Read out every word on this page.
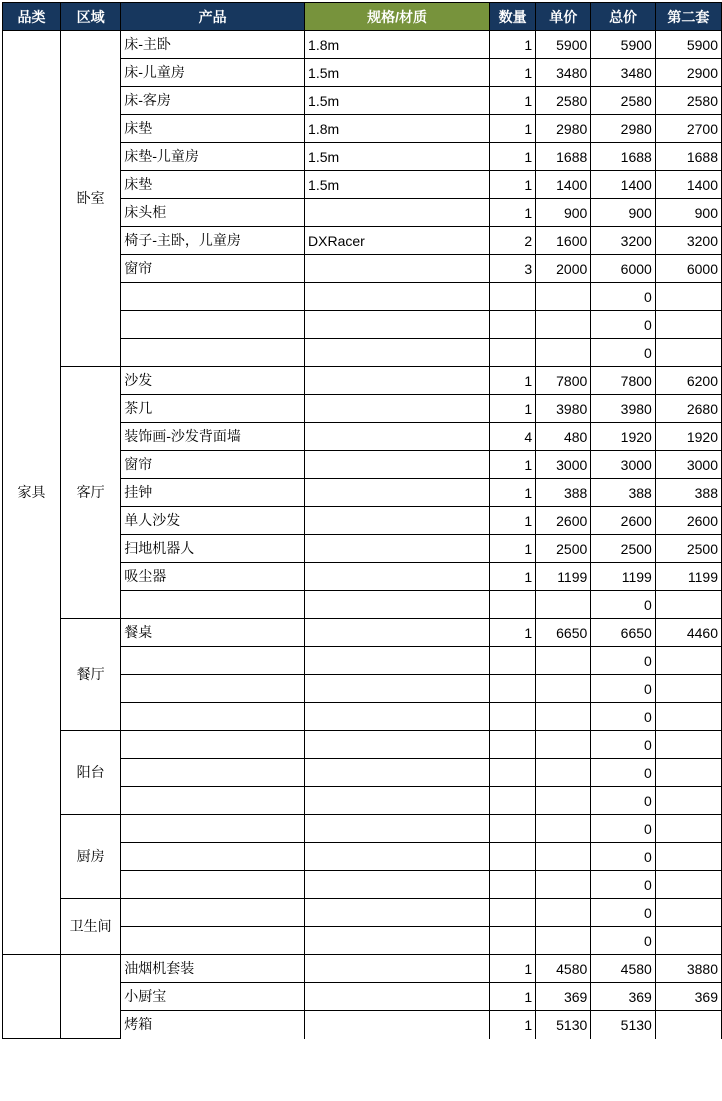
品类	区域	产品	规格/材质	数量	单价	总价	第二套
家具	卧室	床-主卧	1.8m	1	5900	5900	5900
		床-儿童房	1.5m	1	3480	3480	2900
		床-客房	1.5m	1	2580	2580	2580
		床垫	1.8m	1	2980	2980	2700
		床垫-儿童房	1.5m	1	1688	1688	1688
		床垫	1.5m	1	1400	1400	1400
		床头柜		1	900	900	900
		椅子-主卧，儿童房	DXRacer	2	1600	3200	3200
		窗帘		3	2000	6000	6000
						0	
						0	
						0	
	客厅	沙发		1	7800	7800	6200
		茶几		1	3980	3980	2680
		装饰画-沙发背面墙		4	480	1920	1920
		窗帘		1	3000	3000	3000
		挂钟		1	388	388	388
		单人沙发		1	2600	2600	2600
		扫地机器人		1	2500	2500	2500
		吸尘器		1	1199	1199	1199
						0	
	餐厅	餐桌		1	6650	6650	4460
						0	
						0	
						0	
	阳台					0	
						0	
						0	
	厨房					0	
						0	
						0	
	卫生间					0	
						0	
		油烟机套装		1	4580	4580	3880
		小厨宝		1	369	369	369
		烤箱		1	5130	5130	
